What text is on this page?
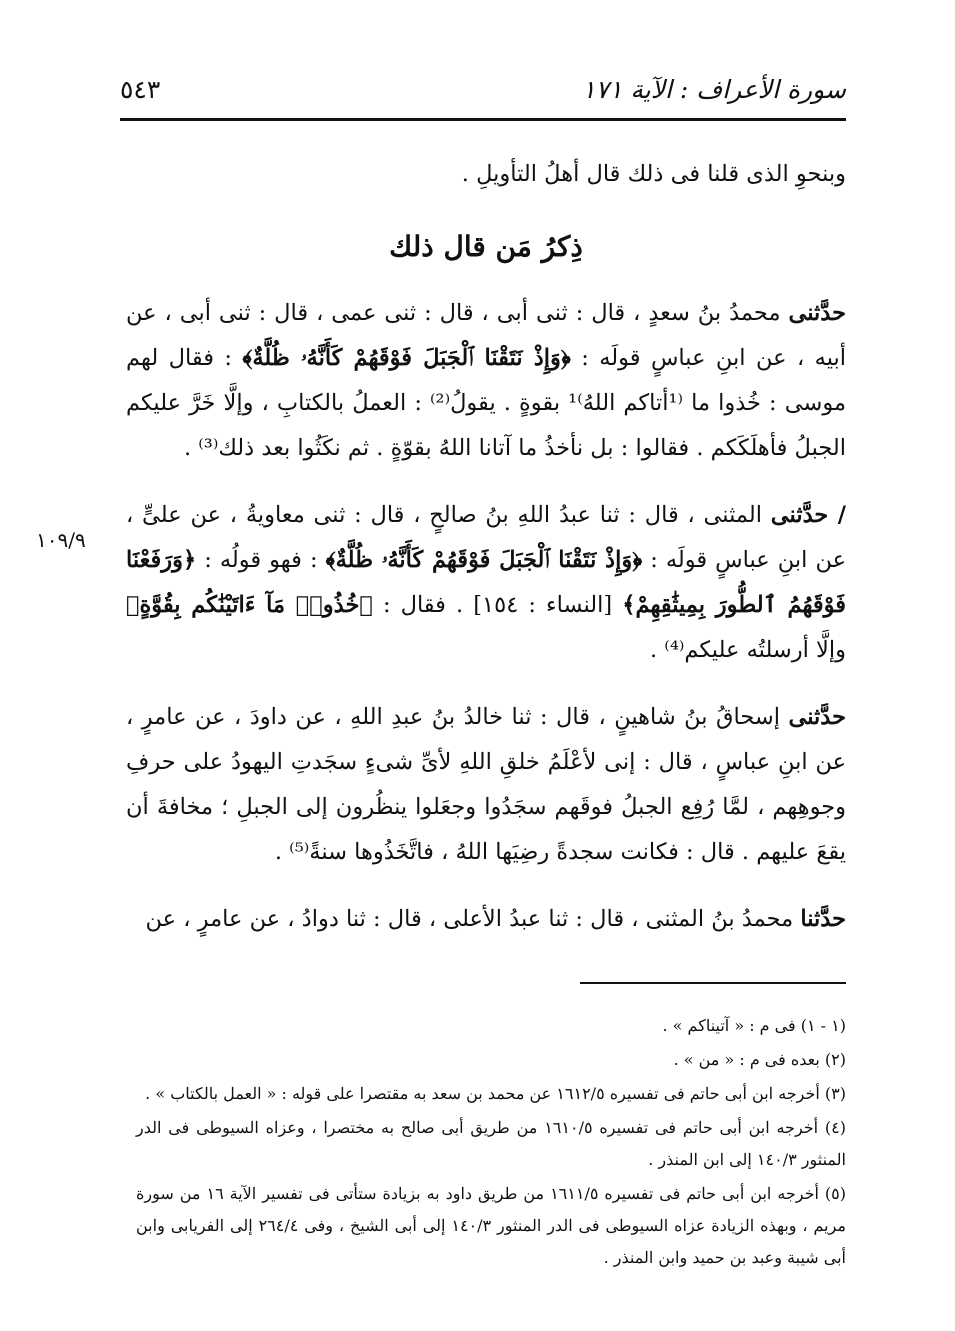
سورة الأعراف : الآية ١٧١
٥٤٣
١٠٩/٩

وبنحوِ الذى قلنا فى ذلك قال أهلُ التأويلِ .

ذِكرُ مَن قال ذلك

حدَّثنى محمدُ بنُ سعدٍ ، قال : ثنى أبى ، قال : ثنى عمى ، قال : ثنى أبى ، عن أبيه ، عن ابنِ عباسٍ قولَه : ﴿وَإِذْ نَتَقْنَا ٱلْجَبَلَ فَوْقَهُمْ كَأَنَّهُۥ ظُلَّةٌ﴾ : فقال لهم موسى : خُذوا ما ⁽¹أتاكم اللهُ⁾¹ بقوةٍ . يقولُ⁽²⁾ : العملُ بالكتابِ ، وإلَّا خَرَّ عليكم الجبلُ فأهلَكَكم . فقالوا : بل نأخذُ ما آتانا اللهُ بقوّةٍ . ثم نكَثُوا بعد ذلك⁽³⁾ .

/ حدَّثنى المثنى ، قال : ثنا عبدُ اللهِ بنُ صالحٍ ، قال : ثنى معاويةُ ، عن علىٍّ ، عن ابنِ عباسٍ قولَه : ﴿وَإِذْ نَتَقْنَا ٱلْجَبَلَ فَوْقَهُمْ كَأَنَّهُۥ ظُلَّةٌ﴾ : فهو قولُه : ﴿وَرَفَعْنَا فَوْقَهُمُ ٱلطُّورَ بِمِيثَٰقِهِمْ﴾ [النساء : ١٥٤] . فقال : ﴿خُذُوا۟ مَآ ءَاتَيْنَٰكُم بِقُوَّةٍ﴾ وإلَّا أرسلتُه عليكم⁽⁴⁾ .

حدَّثنى إسحاقُ بنُ شاهينٍ ، قال : ثنا خالدُ بنُ عبدِ اللهِ ، عن داودَ ، عن عامرٍ ، عن ابنِ عباسٍ ، قال : إنى لأعْلَمُ خلقِ اللهِ لأىِّ شىءٍ سجَدتِ اليهودُ على حرفِ وجوهِهم ، لمَّا رُفِع الجبلُ فوقَهم سجَدُوا وجعَلوا ينظُرون إلى الجبلِ ؛ مخافةَ أن يقعَ عليهم . قال : فكانت سجدةً رضِيَها اللهُ ، فاتَّخَذُوها سنةً⁽⁵⁾ .

حدَّثنا محمدُ بنُ المثنى ، قال : ثنا عبدُ الأعلى ، قال : ثنا دوادُ ، عن عامرٍ ، عن

(١ - ١) فى م : « آتيناكم » .

(٢) بعده فى م : « من » .

(٣) أخرجه ابن أبى حاتم فى تفسيره ١٦١٢/٥ عن محمد بن سعد به مقتصرا على قوله : « العمل بالكتاب » .

(٤) أخرجه ابن أبى حاتم فى تفسيره ١٦١٠/٥ من طريق أبى صالح به مختصرا ، وعزاه السيوطى فى الدر المنثور ١٤٠/٣ إلى ابن المنذر .

(٥) أخرجه ابن أبى حاتم فى تفسيره ١٦١١/٥ من طريق داود به بزيادة ستأتى فى تفسير الآية ١٦ من سورة مريم ، وبهذه الزيادة عزاه السيوطى فى الدر المنثور ١٤٠/٣ إلى أبى الشيخ ، وفى ٢٦٤/٤ إلى الفريابى وابن أبى شيبة وعبد بن حميد وابن المنذر .
